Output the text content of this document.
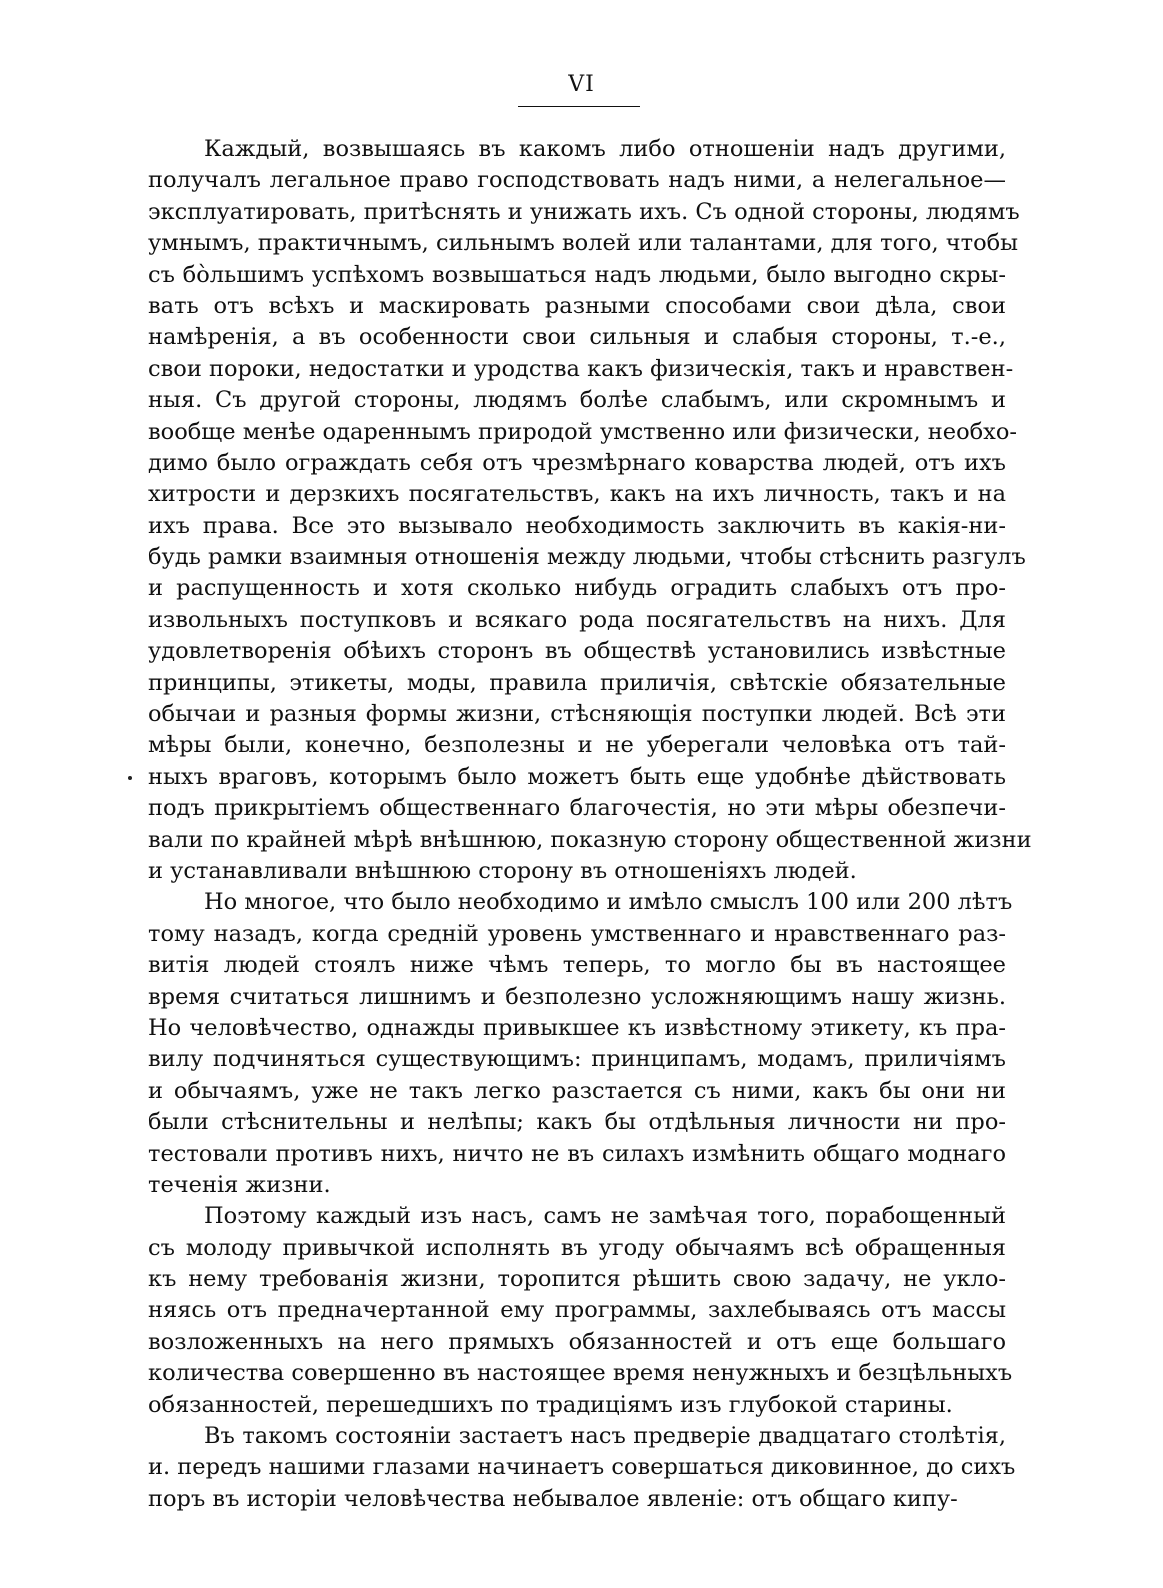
VI
Каждый, возвышаясь въ какомъ либо отношеніи надъ другими,
получалъ легальное право господствовать надъ ними, а нелегальное—
эксплуатировать, притѣснять и унижать ихъ. Съ одной стороны, людямъ
умнымъ, практичнымъ, сильнымъ волей или талантами, для того, чтобы
съ бо̀льшимъ успѣхомъ возвышаться надъ людьми, было выгодно скры-
вать отъ всѣхъ и маскировать разными способами свои дѣла, свои
намѣренія, а въ особенности свои сильныя и слабыя стороны, т.-е.,
свои пороки, недостатки и уродства какъ физическія, такъ и нравствен-
ныя. Съ другой стороны, людямъ болѣе слабымъ, или скромнымъ и
вообще менѣе одареннымъ природой умственно или физически, необхо-
димо было ограждать себя отъ чрезмѣрнаго коварства людей, отъ ихъ
хитрости и дерзкихъ посягательствъ, какъ на ихъ личность, такъ и на
ихъ права. Все это вызывало необходимость заключить въ какія-ни-
будь рамки взаимныя отношенія между людьми, чтобы стѣснить разгулъ
и распущенность и хотя сколько нибудь оградить слабыхъ отъ про-
извольныхъ поступковъ и всякаго рода посягательствъ на нихъ. Для
удовлетворенія обѣихъ сторонъ въ обществѣ установились извѣстные
принципы, этикеты, моды, правила приличія, свѣтскіе обязательные
обычаи и разныя формы жизни, стѣсняющія поступки людей. Всѣ эти
мѣры были, конечно, безполезны и не уберегали человѣка отъ тай-
ныхъ враговъ, которымъ было можетъ быть еще удобнѣе дѣйствовать
подъ прикрытіемъ общественнаго благочестія, но эти мѣры обезпечи-
вали по крайней мѣрѣ внѣшнюю, показную сторону общественной жизни
и устанавливали внѣшнюю сторону въ отношеніяхъ людей.
Но многое, что было необходимо и имѣло смыслъ 100 или 200 лѣтъ
тому назадъ, когда среднiй уровень умственнаго и нравственнаго раз-
витія людей стоялъ ниже чѣмъ теперь, то могло бы въ настоящее
время считаться лишнимъ и безполезно усложняющимъ нашу жизнь.
Но человѣчество, однажды привыкшее къ извѣстному этикету, къ пра-
вилу подчиняться существующимъ: принципамъ, модамъ, приличіямъ
и обычаямъ, уже не такъ легко разстается съ ними, какъ бы они ни
были стѣснительны и нелѣпы; какъ бы отдѣльныя личности ни про-
тестовали противъ нихъ, ничто не въ силахъ измѣнить общаго моднаго
теченія жизни.
Поэтому каждый изъ насъ, самъ не замѣчая того, порабощенный
съ молоду привычкой исполнять въ угоду обычаямъ всѣ обращенныя
къ нему требованія жизни, торопится рѣшить свою задачу, не укло-
няясь отъ предначертанной ему программы, захлебываясь отъ массы
возложенныхъ на него прямыхъ обязанностей и отъ еще большаго
количества совершенно въ настоящее время ненужныхъ и безцѣльныхъ
обязанностей, перешедшихъ по традиціямъ изъ глубокой старины.
Въ такомъ состояніи застаетъ насъ предверіе двадцатаго столѣтія,
и. передъ нашими глазами начинаетъ совершаться диковинное, до сихъ
поръ въ исторіи человѣчества небывалое явленіе: отъ общаго кипу-
